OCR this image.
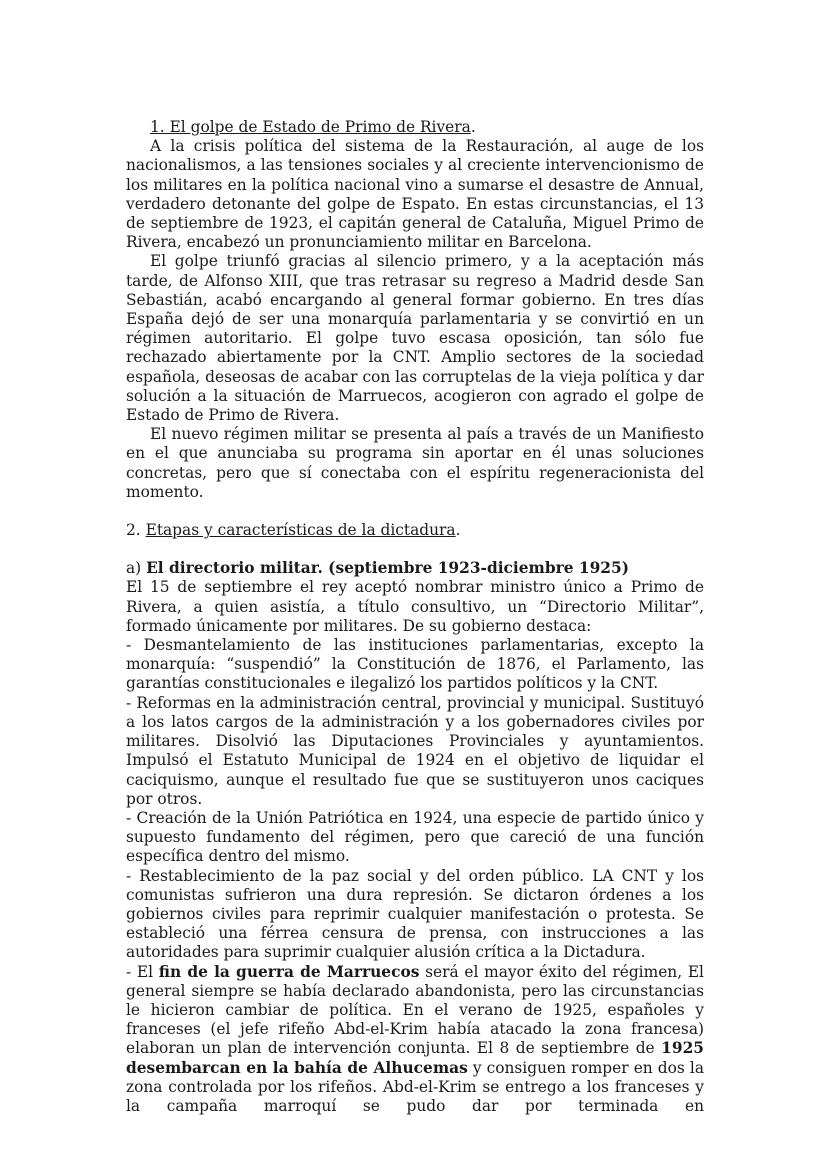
1. El golpe de Estado de Primo de Rivera.

A la crisis política del sistema de la Restauración, al auge de los nacionalismos, a las tensiones sociales y al creciente intervencionismo de los militares en la política nacional vino a sumarse el desastre de Annual, verdadero detonante del golpe de Espato. En estas circunstancias, el 13 de septiembre de 1923, el capitán general de Cataluña, Miguel Primo de Rivera, encabezó un pronunciamiento militar en Barcelona.

El golpe triunfó gracias al silencio primero, y a la aceptación más tarde, de Alfonso XIII, que tras retrasar su regreso a Madrid desde San Sebastián, acabó encargando al general formar gobierno. En tres días España dejó de ser una monarquía parlamentaria y se convirtió en un régimen autoritario. El golpe tuvo escasa oposición, tan sólo fue rechazado abiertamente por la CNT. Amplio sectores de la sociedad española, deseosas de acabar con las corruptelas de la vieja política y dar solución a la situación de Marruecos, acogieron con agrado el golpe de Estado de Primo de Rivera.

El nuevo régimen militar se presenta al país a través de un Manifiesto en el que anunciaba su programa sin aportar en él unas soluciones concretas, pero que sí conectaba con el espíritu regeneracionista del momento.

2. Etapas y características de la dictadura.

a) El directorio militar. (septiembre 1923-diciembre 1925)

El 15 de septiembre el rey aceptó nombrar ministro único a Primo de Rivera, a quien asistía, a título consultivo, un “Directorio Militar”, formado únicamente por militares. De su gobierno destaca:

- Desmantelamiento de las instituciones parlamentarias, excepto la monarquía: “suspendió” la Constitución de 1876, el Parlamento, las garantías constitucionales e ilegalizó los partidos políticos y la CNT.

- Reformas en la administración central, provincial y municipal. Sustituyó a los latos cargos de la administración y a los gobernadores civiles por militares. Disolvió las Diputaciones Provinciales y ayuntamientos. Impulsó el Estatuto Municipal de 1924 en el objetivo de liquidar el caciquismo, aunque el resultado fue que se sustituyeron unos caciques por otros.

- Creación de la Unión Patriótica en 1924, una especie de partido único y supuesto fundamento del régimen, pero que careció de una función específica dentro del mismo.

- Restablecimiento de la paz social y del orden público. LA CNT y los comunistas sufrieron una dura represión. Se dictaron órdenes a los gobiernos civiles para reprimir cualquier manifestación o protesta. Se estableció una férrea censura de prensa, con instrucciones a las autoridades para suprimir cualquier alusión crítica a la Dictadura.

- El fin de la guerra de Marruecos será el mayor éxito del régimen, El general siempre se había declarado abandonista, pero las circunstancias le hicieron cambiar de política. En el verano de 1925, españoles y franceses (el jefe rifeño Abd-el-Krim había atacado la zona francesa) elaboran un plan de intervención conjunta. El 8 de septiembre de 1925 desembarcan en la bahía de Alhucemas y consiguen romper en dos la zona controlada por los rifeños. Abd-el-Krim se entrego a los franceses y la campaña marroquí se pudo dar por terminada en
